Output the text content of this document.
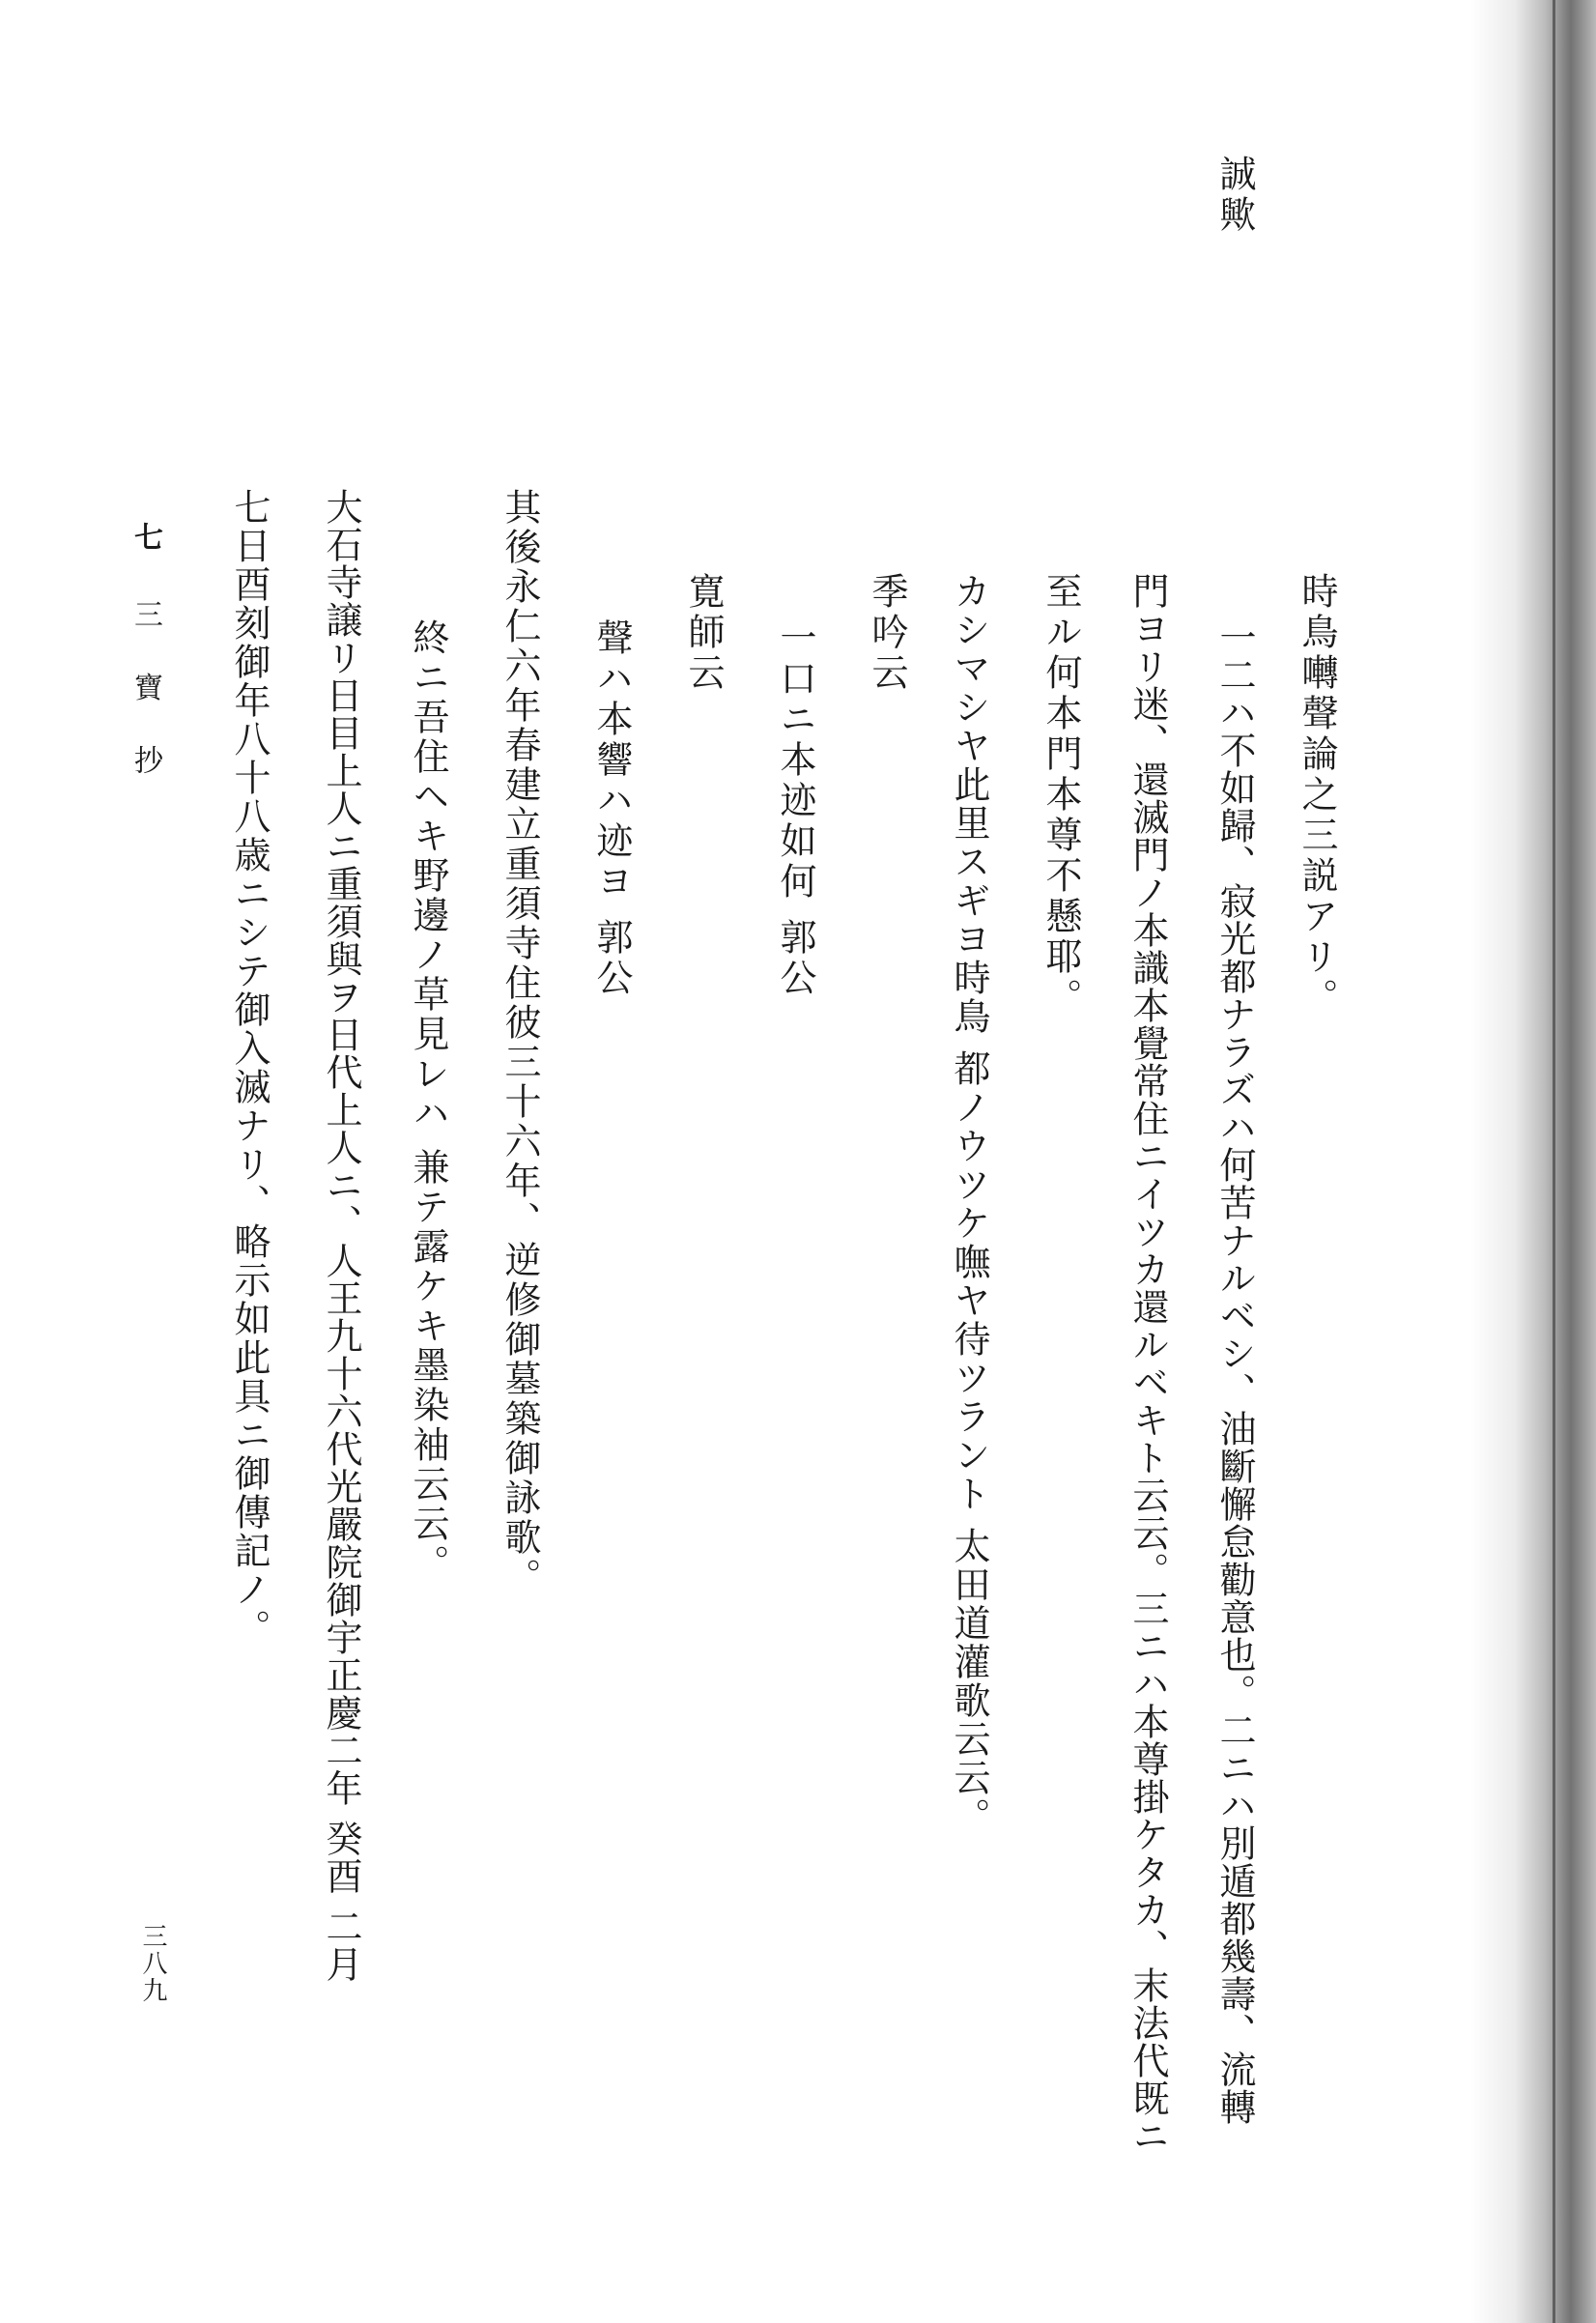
誠歟
時鳥囀聲論之三説アリ。
一二ハ不如歸、寂光都ナラズハ何苦ナルベシ、油斷懈怠勸意也。二ニハ別遁都幾壽、流轉
門ヨリ迷、還滅門ノ本識本覺常住ニイツカ還ルベキト云云。三ニハ本尊掛ケタカ、末法代既ニ
至ル何本門本尊不懸耶。
カシマシヤ此里スギヨ時鳥 都ノウツケ嘸ヤ待ツラント 太田道灌歌云云。
季吟云
一口ニ本迹如何 郭公
寛師云
聲ハ本響ハ迹ヨ 郭公
其後永仁六年春建立重須寺住彼三十六年、逆修御墓築御詠歌。
終ニ吾住ヘキ野邊ノ草見レハ 兼テ露ケキ墨染袖云云。
大石寺譲リ日目上人ニ重須與ヲ日代上人ニ、人王九十六代光嚴院御宇正慶二年 癸酉 二月
七日酉刻御年八十八歳ニシテ御入滅ナリ、略示如此具ニ御傳記ノ。
七
三 寶 抄
三八九
